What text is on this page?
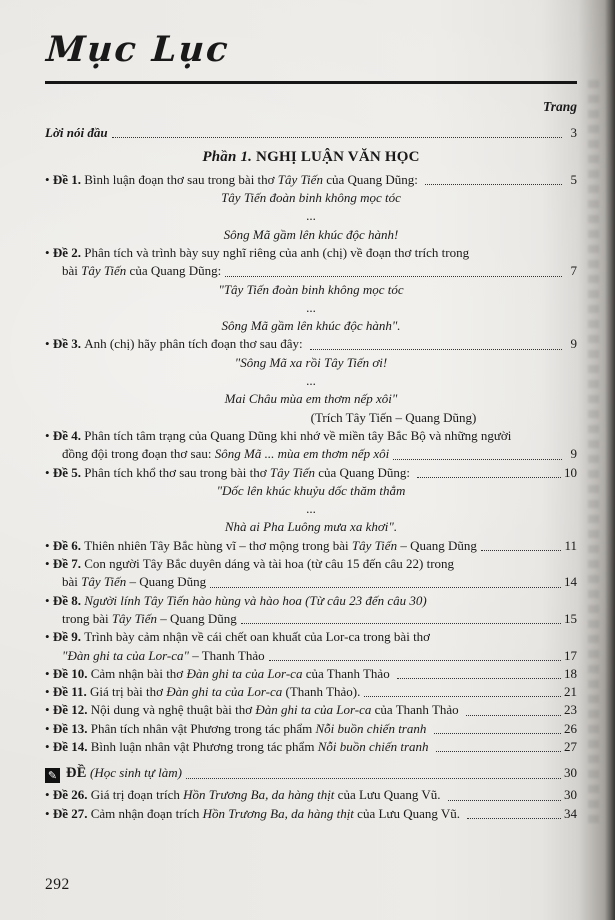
Mục Lục
Trang
Lời nói đầu	3
Phần 1. NGHỊ LUẬN VĂN HỌC
• Đề 1. Bình luận đoạn thơ sau trong bài thơ Tây Tiến của Quang Dũng:	5
Tây Tiến đoàn binh không mọc tóc
...
Sông Mã gầm lên khúc độc hành!
• Đề 2. Phân tích và trình bày suy nghĩ riêng của anh (chị) về đoạn thơ trích trong
bài Tây Tiến của Quang Dũng:	7
"Tây Tiến đoàn binh không mọc tóc
...
Sông Mã gầm lên khúc độc hành".
• Đề 3. Anh (chị) hãy phân tích đoạn thơ sau đây:	9
"Sông Mã xa rồi Tây Tiến ơi!
...
Mai Châu mùa em thơm nếp xôi"
(Trích Tây Tiến – Quang Dũng)
• Đề 4. Phân tích tâm trạng của Quang Dũng khi nhớ về miền tây Bắc Bộ và những người
đồng đội trong đoạn thơ sau: Sông Mã ... mùa em thơm nếp xôi	9
• Đề 5. Phân tích khổ thơ sau trong bài thơ Tây Tiến của Quang Dũng:	10
"Dốc lên khúc khuỷu dốc thăm thẳm
...
Nhà ai Pha Luông mưa xa khơi".
• Đề 6. Thiên nhiên Tây Bắc hùng vĩ – thơ mộng trong bài Tây Tiến – Quang Dũng	11
• Đề 7. Con người Tây Bắc duyên dáng và tài hoa (từ câu 15 đến câu 22) trong
bài Tây Tiến – Quang Dũng	14
• Đề 8. Người lính Tây Tiến hào hùng và hào hoa (Từ câu 23 đến câu 30)
trong bài Tây Tiến – Quang Dũng	15
• Đề 9. Trình bày cảm nhận về cái chết oan khuất của Lor-ca trong bài thơ
"Đàn ghi ta của Lor-ca" – Thanh Thảo	17
• Đề 10. Cảm nhận bài thơ Đàn ghi ta của Lor-ca của Thanh Thảo	18
• Đề 11. Giá trị bài thơ Đàn ghi ta của Lor-ca (Thanh Thảo).	21
• Đề 12. Nội dung và nghệ thuật bài thơ Đàn ghi ta của Lor-ca của Thanh Thảo	23
• Đề 13. Phân tích nhân vật Phương trong tác phẩm Nỗi buồn chiến tranh	26
• Đề 14. Bình luận nhân vật Phương trong tác phẩm Nỗi buồn chiến tranh	27
✎ ĐỀ (Học sinh tự làm)	30
• Đề 26. Giá trị đoạn trích Hồn Trương Ba, da hàng thịt của Lưu Quang Vũ.	30
• Đề 27. Cảm nhận đoạn trích Hồn Trương Ba, da hàng thịt của Lưu Quang Vũ.	34
292
